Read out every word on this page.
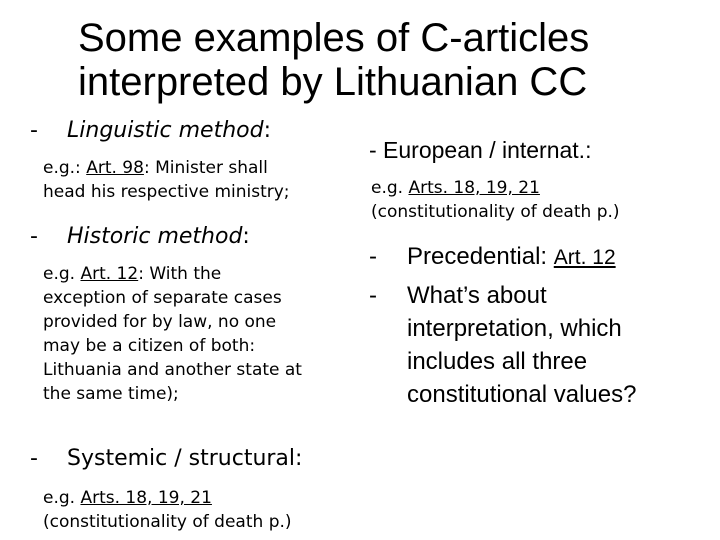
Some examples of C-articles interpreted by Lithuanian CC
- Linguistic method:
e.g.: Art. 98: Minister shall
head his respective ministry;
- Historic method:
e.g. Art. 12: With the
exception of separate cases
provided for by law, no one
may be a citizen of both:
Lithuania and another state at
the same time);
- Systemic / structural:
e.g. Arts. 18, 19, 21
(constitutionality of death p.)
- European / internat.:
e.g. Arts. 18, 19, 21
(constitutionality of death p.)
- Precedential: Art. 12
- What’s about
interpretation, which
includes all three
constitutional values?
